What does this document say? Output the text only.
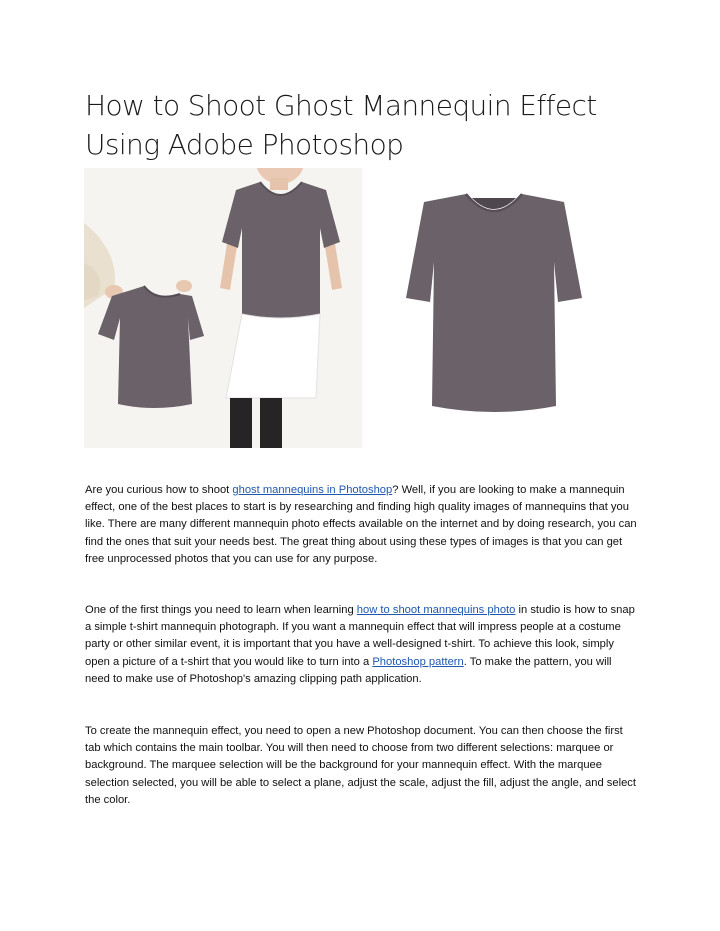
How to Shoot Ghost Mannequin Effect Using Adobe Photoshop

Are you curious how to shoot ghost mannequins in Photoshop? Well, if you are looking to make a mannequin effect, one of the best places to start is by researching and finding high quality images of mannequins that you like. There are many different mannequin photo effects available on the internet and by doing research, you can find the ones that suit your needs best. The great thing about using these types of images is that you can get free unprocessed photos that you can use for any purpose.

One of the first things you need to learn when learning how to shoot mannequins photo in studio is how to snap a simple t-shirt mannequin photograph. If you want a mannequin effect that will impress people at a costume party or other similar event, it is important that you have a well-designed t-shirt. To achieve this look, simply open a picture of a t-shirt that you would like to turn into a Photoshop pattern. To make the pattern, you will need to make use of Photoshop's amazing clipping path application.

To create the mannequin effect, you need to open a new Photoshop document. You can then choose the first tab which contains the main toolbar. You will then need to choose from two different selections: marquee or background. The marquee selection will be the background for your mannequin effect. With the marquee selection selected, you will be able to select a plane, adjust the scale, adjust the fill, adjust the angle, and select the color.
